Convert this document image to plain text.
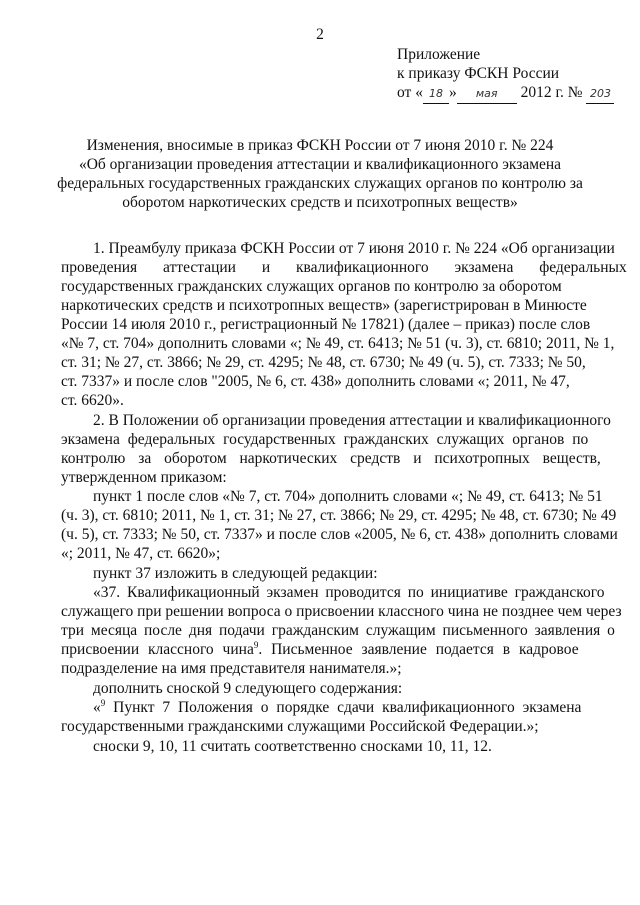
2
Приложение
к приказу ФСКН России
от « 18 » мая 2012 г. № 203
Изменения, вносимые в приказ ФСКН России от 7 июня 2010 г. № 224
«Об организации проведения аттестации и квалификационного экзамена
федеральных государственных гражданских служащих органов по контролю за
оборотом наркотических средств и психотропных веществ»
1. Преамбулу приказа ФСКН России от 7 июня 2010 г. № 224 «Об организации
проведения аттестации и квалификационного экзамена федеральных
государственных гражданских служащих органов по контролю за оборотом
наркотических средств и психотропных веществ» (зарегистрирован в Минюсте
России 14 июля 2010 г., регистрационный № 17821) (далее – приказ) после слов
«№ 7, ст. 704» дополнить словами «; № 49, ст. 6413; № 51 (ч. 3), ст. 6810; 2011, № 1,
ст. 31; № 27, ст. 3866; № 29, ст. 4295; № 48, ст. 6730; № 49 (ч. 5), ст. 7333; № 50,
ст. 7337» и после слов "2005, № 6, ст. 438» дополнить словами «; 2011, № 47,
ст. 6620».
2. В Положении об организации проведения аттестации и квалификационного
экзамена федеральных государственных гражданских служащих органов по
контролю за оборотом наркотических средств и психотропных веществ,
утвержденном приказом:
пункт 1 после слов «№ 7, ст. 704» дополнить словами «; № 49, ст. 6413; № 51
(ч. 3), ст. 6810; 2011, № 1, ст. 31; № 27, ст. 3866; № 29, ст. 4295; № 48, ст. 6730; № 49
(ч. 5), ст. 7333; № 50, ст. 7337» и после слов «2005, № 6, ст. 438» дополнить словами
«; 2011, № 47, ст. 6620»;
пункт 37 изложить в следующей редакции:
«37. Квалификационный экзамен проводится по инициативе гражданского
служащего при решении вопроса о присвоении классного чина не позднее чем через
три месяца после дня подачи гражданским служащим письменного заявления о
присвоении классного чина$^9$. Письменное заявление подается в кадровое
подразделение на имя представителя нанимателя.»;
дополнить сноской 9 следующего содержания:
«$^9$ Пункт 7 Положения о порядке сдачи квалификационного экзамена
государственными гражданскими служащими Российской Федерации.»;
сноски 9, 10, 11 считать соответственно сносками 10, 11, 12.
